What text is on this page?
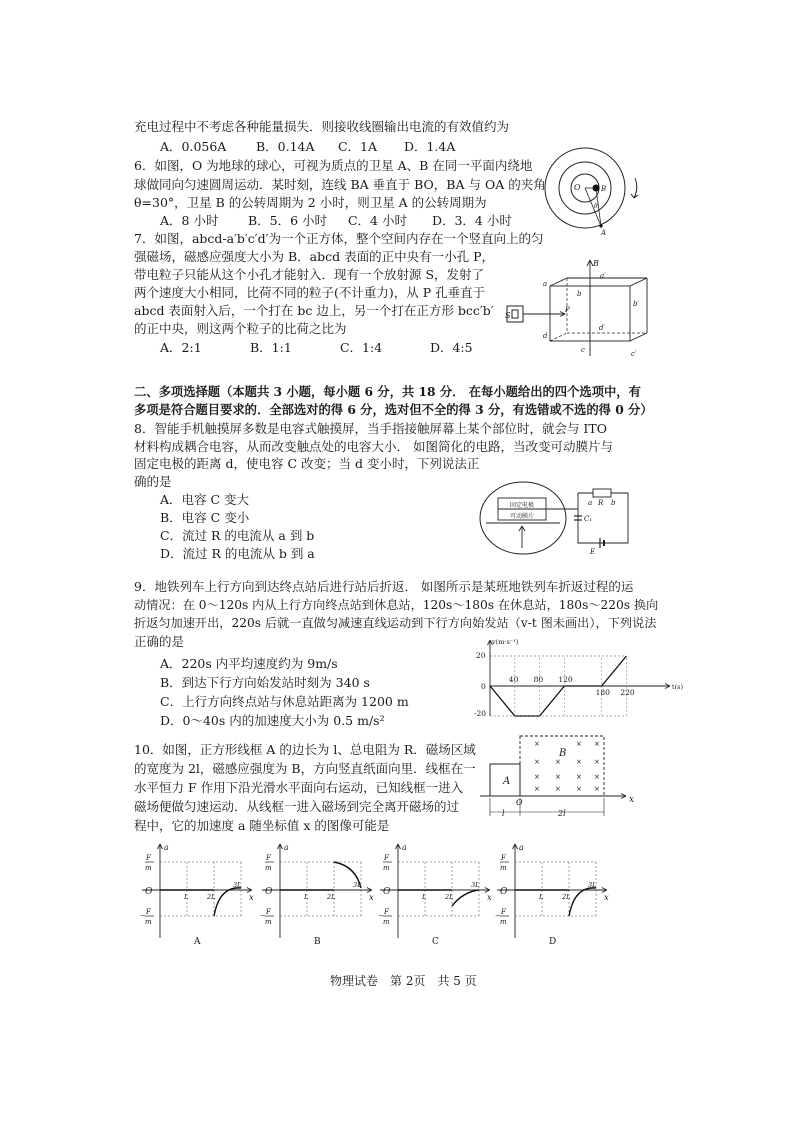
充电过程中不考虑各种能量损失．则接收线圈输出电流的有效值约为
A．0.056A B．0.14A C．1A D．1.4A
6．如图，O 为地球的球心，可视为质点的卫星 A、B 在同一平面内绕地
球做同向匀速圆周运动．某时刻，连线 BA 垂直于 BO，BA 与 OA 的夹角
θ=30°，卫星 B 的公转周期为 2 小时，则卫星 A 的公转周期为
A．8 小时 B．5．6 小时 C．4 小时 D．3．4 小时
7．如图，abcd-a′b′c′d′为一个正方体，整个空间内存在一个竖直向上的匀
强磁场，磁感应强度大小为 B．abcd 表面的正中央有一小孔 P，
带电粒子只能从这个小孔才能射入．现有一个放射源 S，发射了
两个速度大小相同，比荷不同的粒子(不计重力)，从 P 孔垂直于
abcd 表面射入后，一个打在 bc 边上，另一个打在正方形 bcc′b′
的正中央，则这两个粒子的比荷之比为
A．2:1	B．1:1	C．1:4	D．4:5
二、多项选择题（本题共 3 小题，每小题 6 分，共 18 分． 在每小题给出的四个选项中，有
多项是符合题目要求的．全部选对的得 6 分，选对但不全的得 3 分，有选错或不选的得 0 分）
8．智能手机触摸屏多数是电容式触摸屏，当手指接触屏幕上某个部位时，就会与 ITO
材料构成耦合电容，从而改变触点处的电容大小． 如图简化的电路，当改变可动膜片与
固定电极的距离 d，使电容 C 改变；当 d 变小时，下列说法正
确的是
A．电容 C 变大
B．电容 C 变小
C．流过 R 的电流从 a 到 b
D．流过 R 的电流从 b 到 a
9．地铁列车上行方向到达终点站后进行站后折返． 如图所示是某班地铁列车折返过程的运
动情况：在 0～120s 内从上行方向终点站到休息站，120s～180s 在休息站，180s～220s 换向
折返匀加速开出，220s 后就一直做匀减速直线运动到下行方向始发站（v-t 图未画出），下列说法
正确的是
A．220s 内平均速度约为 9m/s
B．到达下行方向始发站时刻为 340 s
C．上行方向终点站与休息站距离为 1200 m
D．0～40s 内的加速度大小为 0.5 m/s²
10．如图，正方形线框 A 的边长为 l、总电阻为 R．磁场区域
的宽度为 2l，磁感应强度为 B，方向竖直纸面向里．线框在一
水平恒力 F 作用下沿光滑水平面向右运动，已知线框一进入
磁场便做匀速运动．从线框一进入磁场到完全离开磁场的过
程中，它的加速度 a 随坐标值 x 的图像可能是
物理试卷　第 2页　共 5 页
O	B
A
θ
B
S
P
a
d
c
b
a′
b′
c′
d′
固定电极
可动膜片
a R b
C₁
E
v(m·s⁻¹)
t(s)
20
-20
0
40 80 120
180 220
A
×	× ×
× × × ×
× × × ×
× × × ×
B
x
O
l	2l
a
x
O	L	2L
3L
F
m
− F
m
A
a
x
O	L	2L
3L
F
m
− F
m
B
a
x
O	L	2L
3L
F
m
− F
m
C
a
x
O	L	2L
3L
F
m
− F
m
D
